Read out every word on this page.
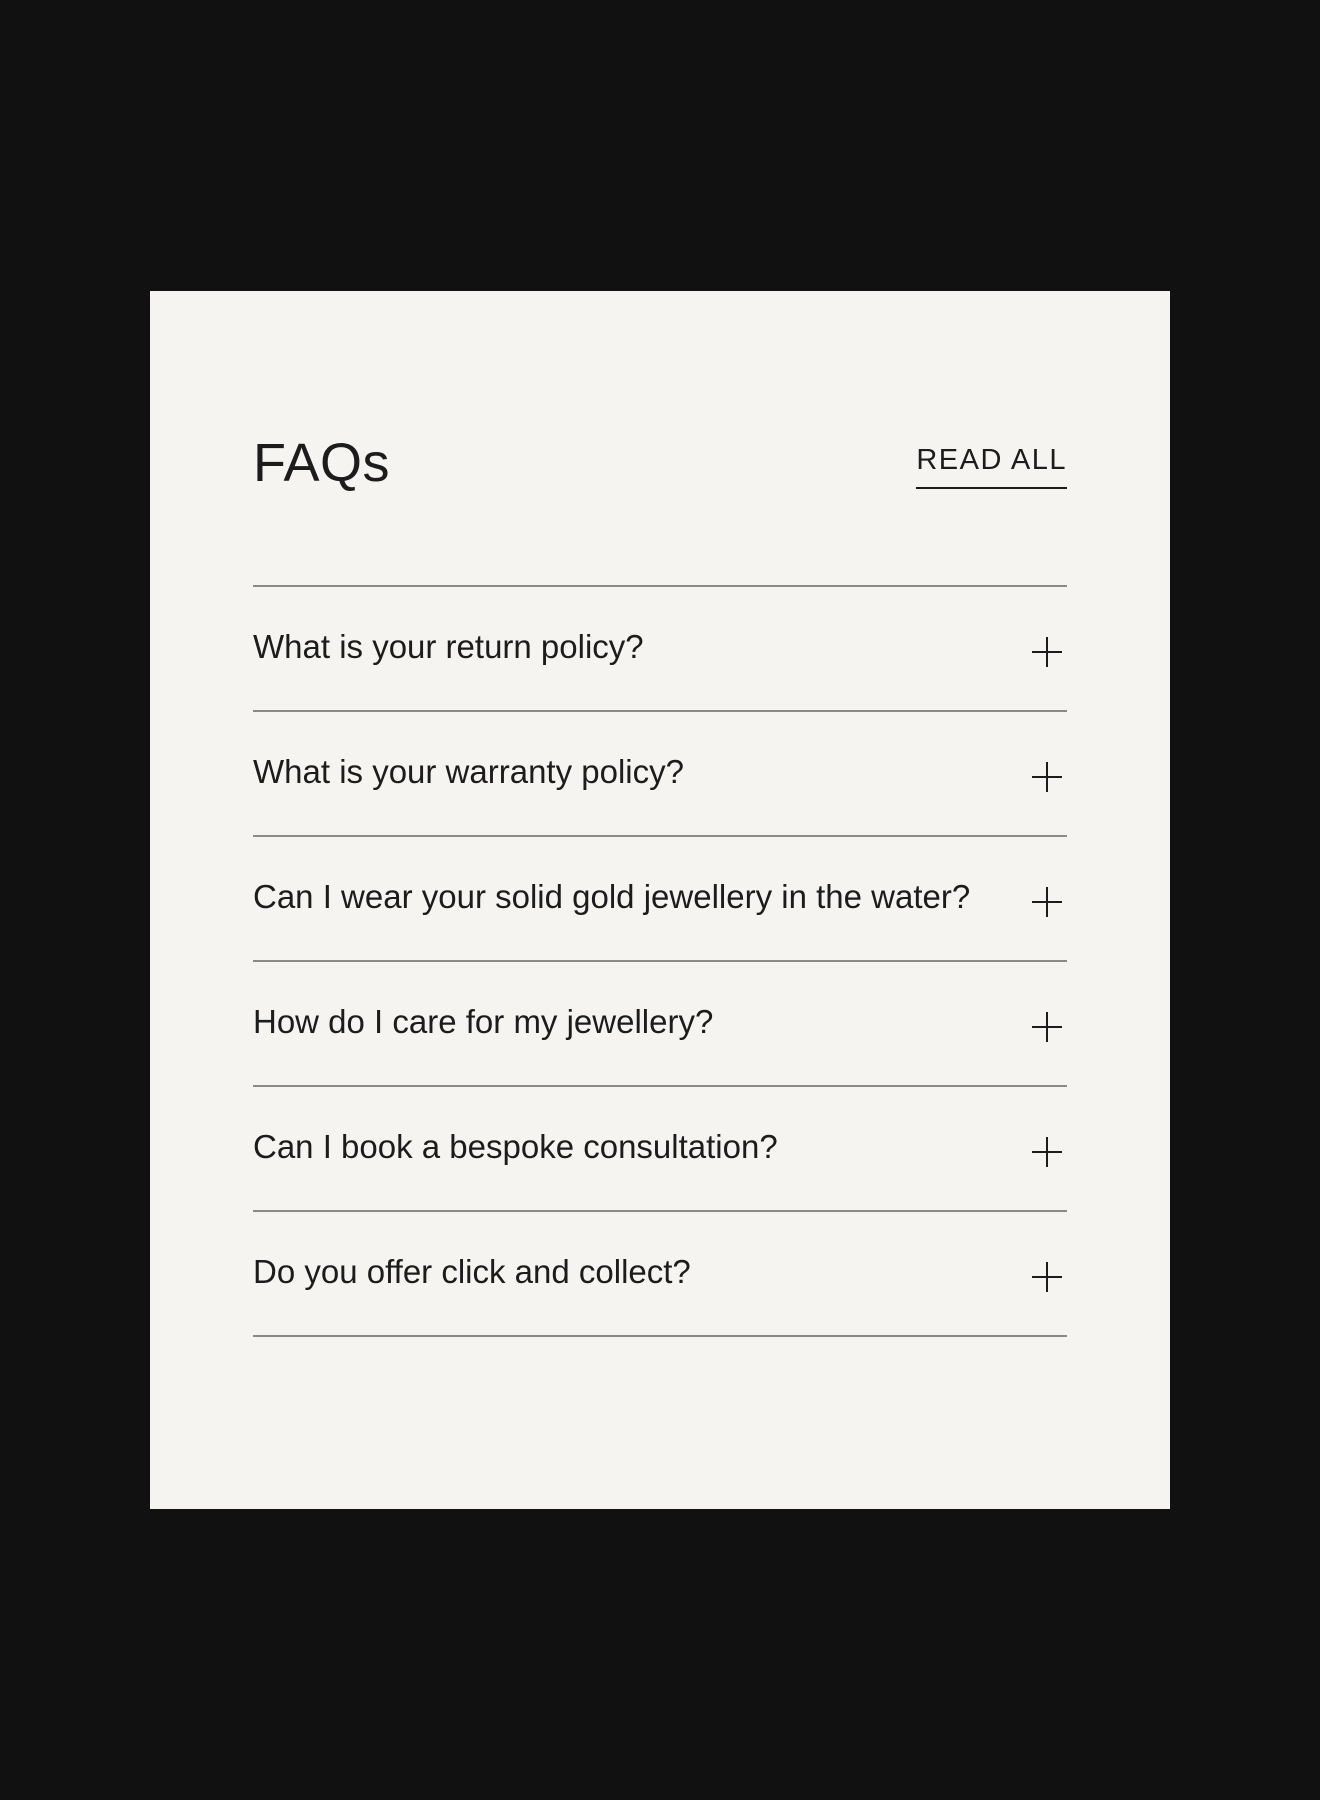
FAQs	READ ALL
What is your return policy?
What is your warranty policy?
Can I wear your solid gold jewellery in the water?
How do I care for my jewellery?
Can I book a bespoke consultation?
Do you offer click and collect?
